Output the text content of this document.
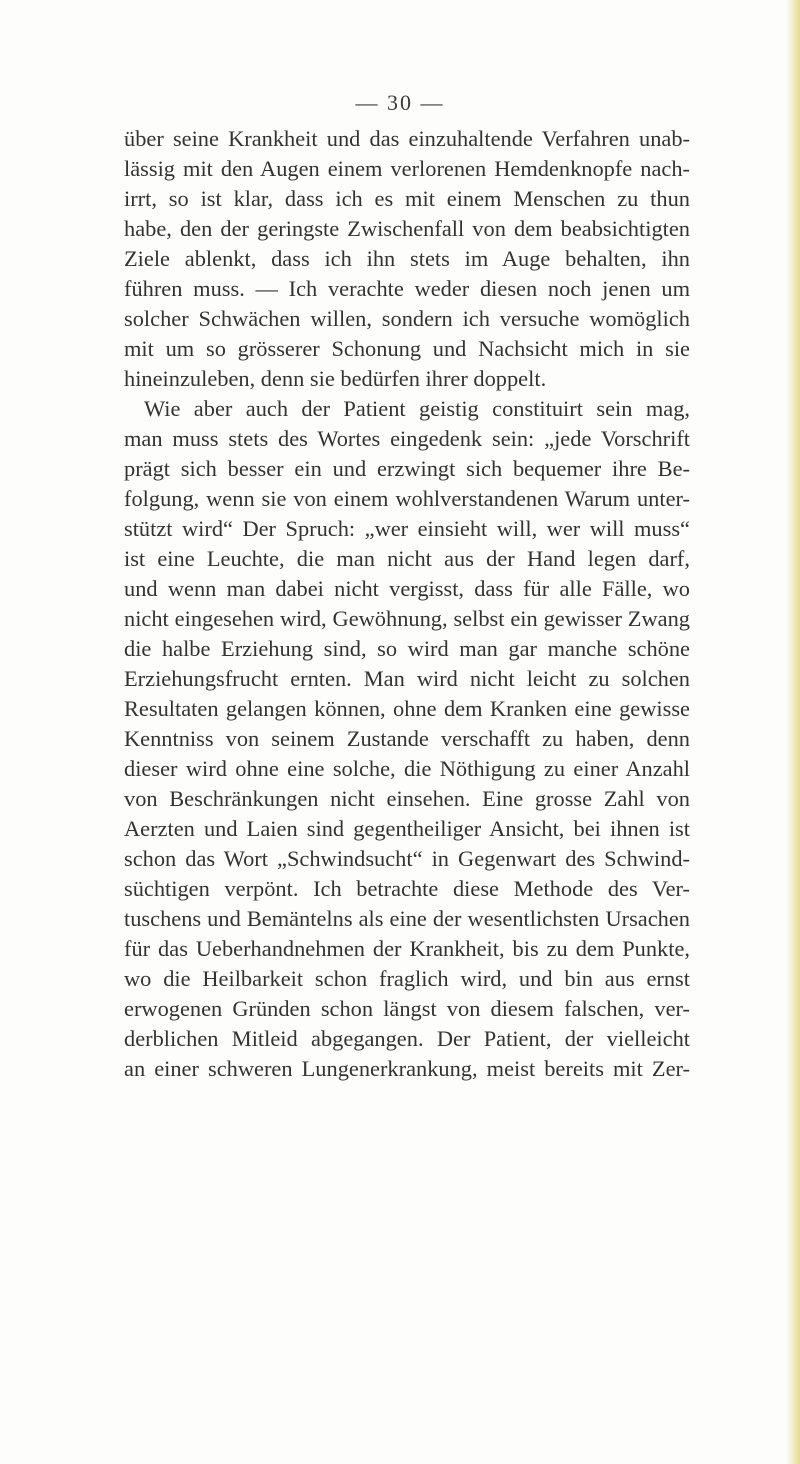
— 30 —
über seine Krankheit und das einzuhaltende Verfahren unab-
lässig mit den Augen einem verlorenen Hemdenknopfe nach-
irrt, so ist klar, dass ich es mit einem Menschen zu thun
habe, den der geringste Zwischenfall von dem beabsichtigten
Ziele ablenkt, dass ich ihn stets im Auge behalten, ihn
führen muss. — Ich verachte weder diesen noch jenen um
solcher Schwächen willen, sondern ich versuche womöglich
mit um so grösserer Schonung und Nachsicht mich in sie
hineinzuleben, denn sie bedürfen ihrer doppelt.
Wie aber auch der Patient geistig constituirt sein mag,
man muss stets des Wortes eingedenk sein: „jede Vorschrift
prägt sich besser ein und erzwingt sich bequemer ihre Be-
folgung, wenn sie von einem wohlverstandenen Warum unter-
stützt wird“ Der Spruch: „wer einsieht will, wer will muss“
ist eine Leuchte, die man nicht aus der Hand legen darf,
und wenn man dabei nicht vergisst, dass für alle Fälle, wo
nicht eingesehen wird, Gewöhnung, selbst ein gewisser Zwang
die halbe Erziehung sind, so wird man gar manche schöne
Erziehungsfrucht ernten. Man wird nicht leicht zu solchen
Resultaten gelangen können, ohne dem Kranken eine gewisse
Kenntniss von seinem Zustande verschafft zu haben, denn
dieser wird ohne eine solche, die Nöthigung zu einer Anzahl
von Beschränkungen nicht einsehen. Eine grosse Zahl von
Aerzten und Laien sind gegentheiliger Ansicht, bei ihnen ist
schon das Wort „Schwindsucht“ in Gegenwart des Schwind-
süchtigen verpönt. Ich betrachte diese Methode des Ver-
tuschens und Bemäntelns als eine der wesentlichsten Ursachen
für das Ueberhandnehmen der Krankheit, bis zu dem Punkte,
wo die Heilbarkeit schon fraglich wird, und bin aus ernst
erwogenen Gründen schon längst von diesem falschen, ver-
derblichen Mitleid abgegangen. Der Patient, der vielleicht
an einer schweren Lungenerkrankung, meist bereits mit Zer-
